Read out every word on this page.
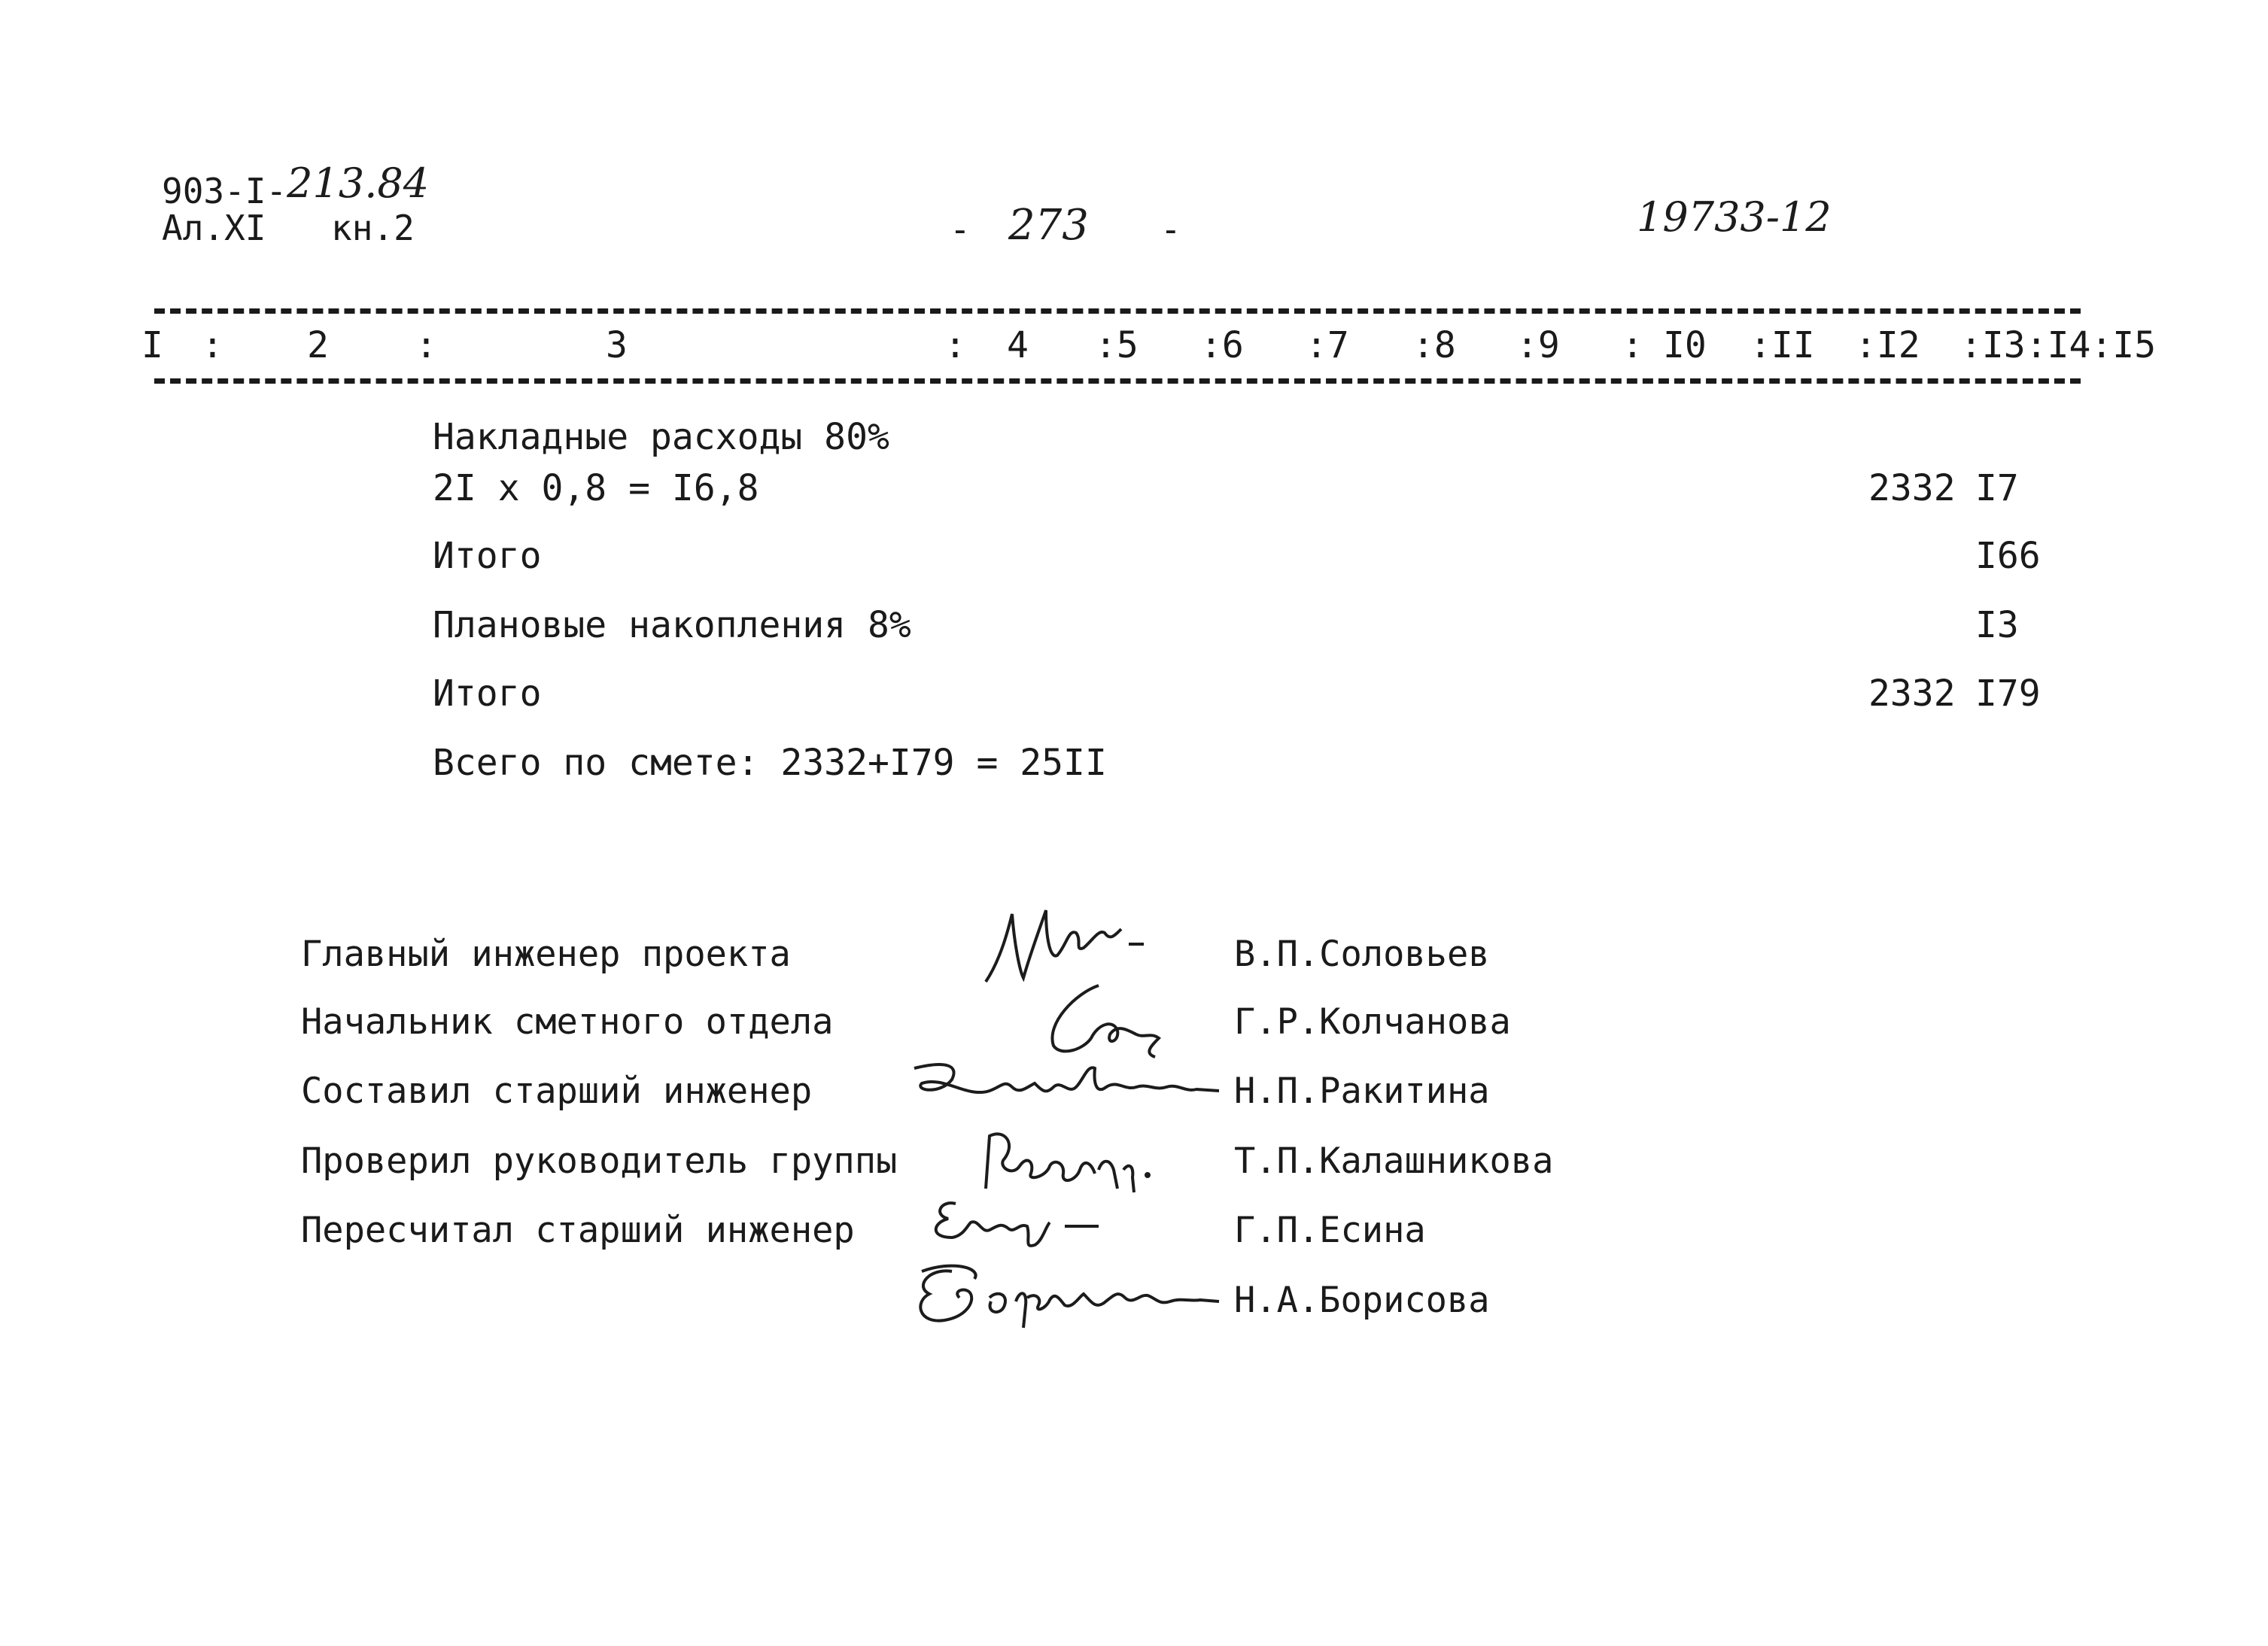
903-I-213.84
Ал.XI кн.2	- 273 -	19733-12
I : 2 :	3	: 4 :5 :6 :7 :8 :9 : I0 :II :I2 :I3:I4:I5
Накладные расходы 80%
2I x 0,8 = I6,8	2332 I7
Итого	I66
Плановые накопления 8%	I3
Итого	2332 I79
Всего по смете: 2332+I79 = 25II
Главный инженер проекта	В.П.Соловьев
Начальник сметного отдела	Г.Р.Колчанова
Составил старший инженер	Н.П.Ракитина
Проверил руководитель группы	Т.П.Калашникова
Пересчитал старший инженер	Г.П.Есина
Н.А.Борисова
